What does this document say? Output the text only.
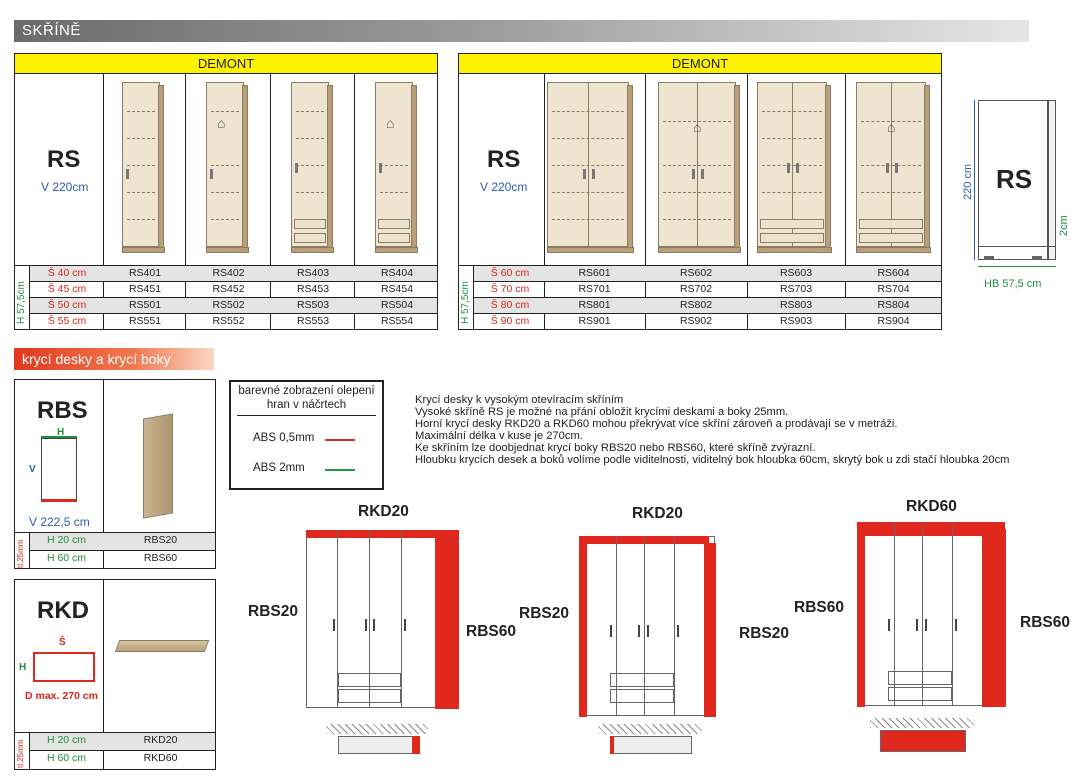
SKŘÍNĚ
DEMONT
RS
V 220cm
⌂	⌂
H 57,5cm
Š 40 cm	RS401	RS402	RS403	RS404
Š 45 cm	RS451	RS452	RS453	RS454
Š 50 cm	RS501	RS502	RS503	RS504
Š 55 cm	RS551	RS552	RS553	RS554
DEMONT
RS
V 220cm
⌂	⌂
H 57,5cm
Š 60 cm	RS601	RS602	RS603	RS604
Š 70 cm	RS701	RS702	RS703	RS704
Š 80 cm	RS801	RS802	RS803	RS804
Š 90 cm	RS901	RS902	RS903	RS904
RS
220 cm
2cm
HB 57,5 cm
krycí desky a krycí boky
RBS
H
V
V 222,5 cm
tl.25mm	H 20 cm	RBS20
H 60 cm	RBS60
RKD
Š
H
D max. 270 cm
tl.25mm	H 20 cm	RKD20
H 60 cm	RKD60
barevné zobrazení olepení hran v náčrtech
ABS 0,5mm
ABS 2mm

Krycí desky k vysokým otevíracím skříním

Vysoké skříně RS je možné na přání obložit krycími deskami a boky 25mm.

Horní krycí desky RKD20 a RKD60 mohou překrývat více skříní zároveň a prodávají se v metráži.

Maximální délka v kuse je 270cm.

Ke skříním lze doobjednat krycí boky RBS20 nebo RBS60, které skříně zvýrazní.

Hloubku krycích desek a boků volíme podle viditelnosti, viditelný bok hloubka 60cm, skrytý bok u zdi stačí hloubka 20cm

RKD20
RBS20
RBS60
RKD20
RBS20
RBS20
RKD60
RBS60
RBS60
